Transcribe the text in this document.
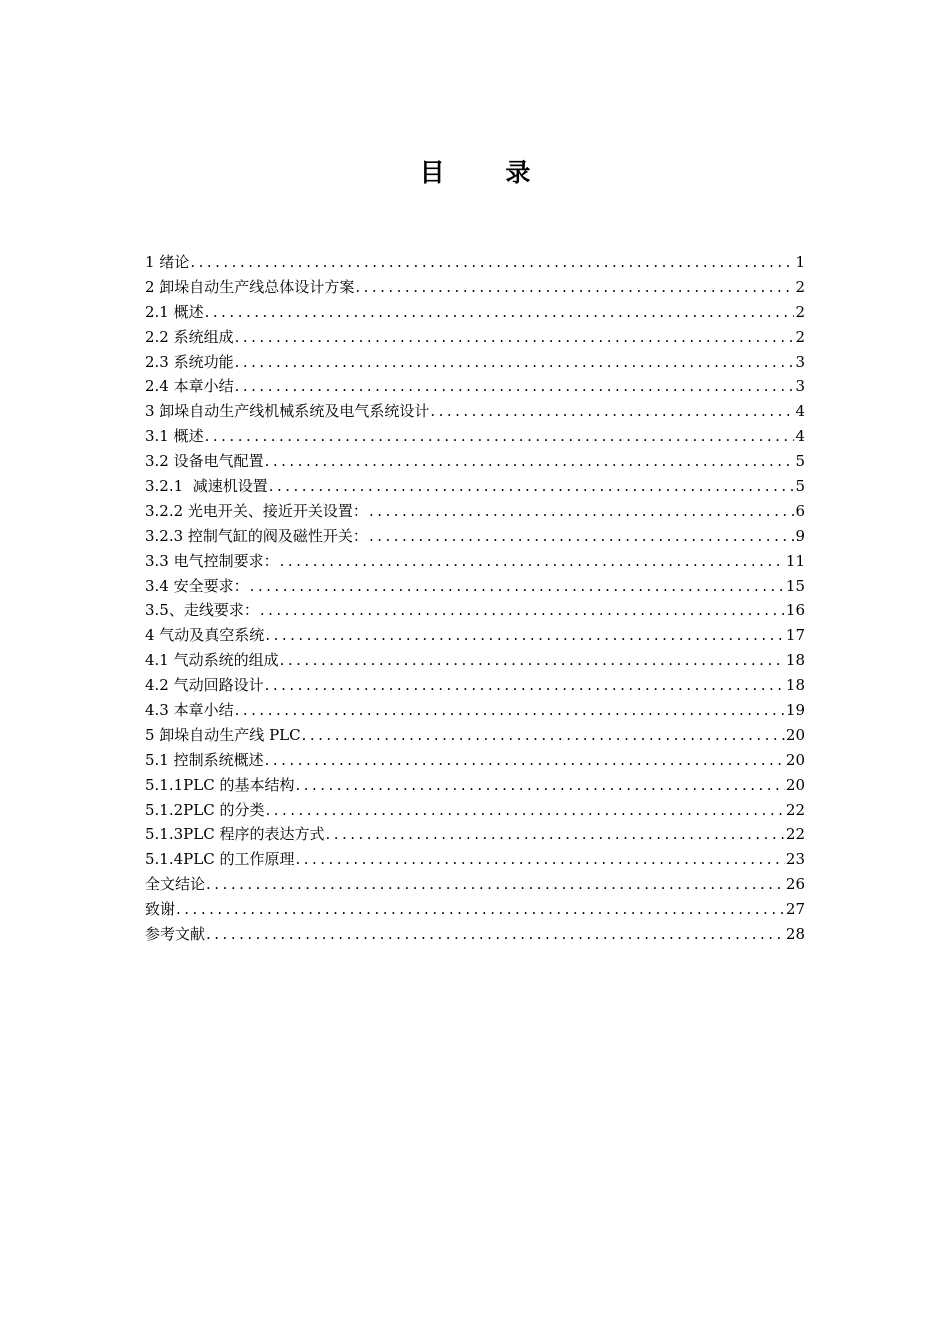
目 录
1 绪论 .....	1
2 卸垛自动生产线总体设计方案 .....	2
2.1 概述 .....	2
2.2 系统组成 .....	2
2.3 系统功能 .....	3
2.4 本章小结 .....	3
3 卸垛自动生产线机械系统及电气系统设计 .....	4
3.1 概述 .....	4
3.2 设备电气配置 .....	5
3.2.1  减速机设置 .....	5
3.2.2 光电开关、接近开关设置： .....	6
3.2.3 控制气缸的阀及磁性开关： .....	9
3.3 电气控制要求： .....	11
3.4 安全要求： .....	15
3.5、走线要求： .....	16
4 气动及真空系统 .....	17
4.1 气动系统的组成 .....	18
4.2 气动回路设计 .....	18
4.3 本章小结 .....	19
5 卸垛自动生产线 PLC .....	20
5.1 控制系统概述 .....	20
5.1.1PLC 的基本结构 .....	20
5.1.2PLC 的分类 .....	22
5.1.3PLC 程序的表达方式 .....	22
5.1.4PLC 的工作原理 .....	23
全文结论 .....	26
致谢 .....	27
参考文献 .....	28
